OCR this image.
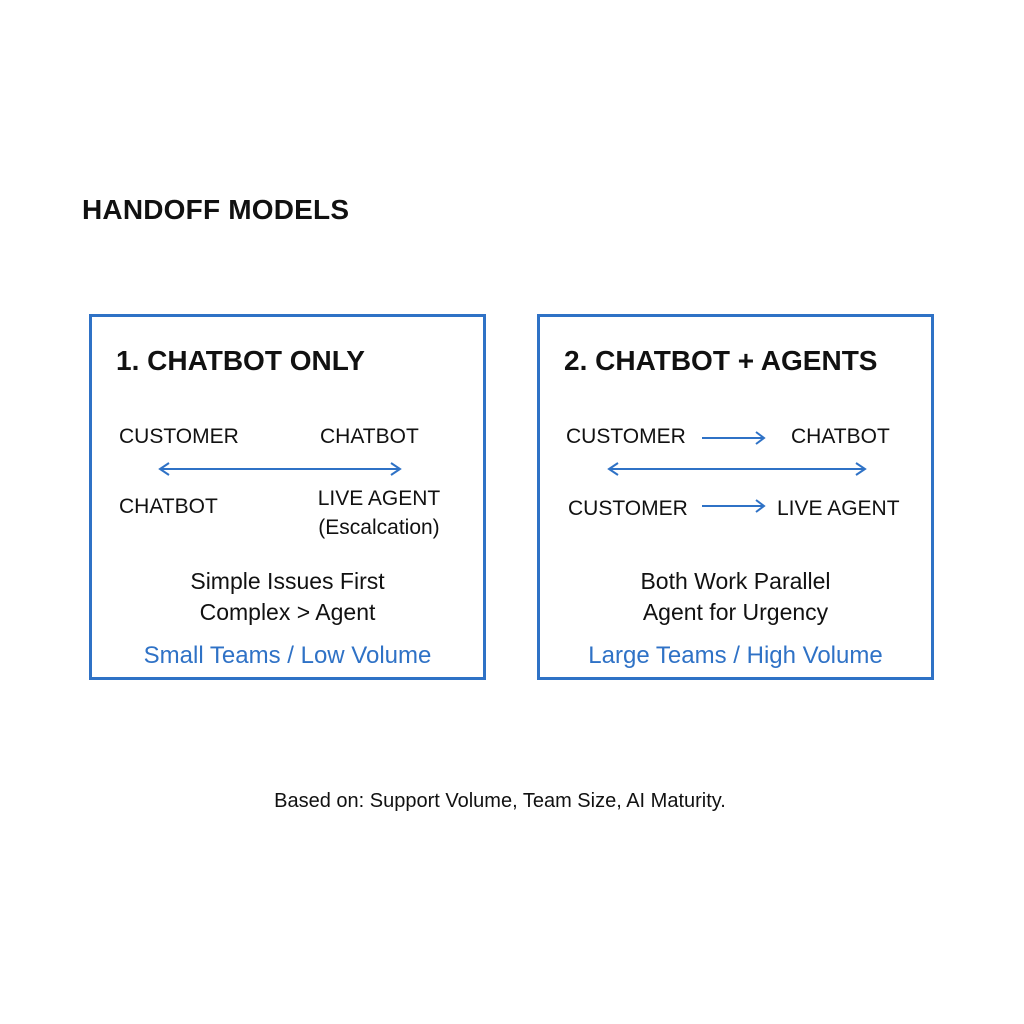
HANDOFF MODELS
1. CHATBOT ONLY
CUSTOMER	CHATBOT
CHATBOT	LIVE AGENT
(Escalcation)
Simple Issues First
Complex > Agent
Small Teams / Low Volume
2. CHATBOT + AGENTS
CUSTOMER	CHATBOT
CUSTOMER	LIVE AGENT
Both Work Parallel
Agent for Urgency
Large Teams / High Volume
Based on: Support Volume, Team Size, AI Maturity.
